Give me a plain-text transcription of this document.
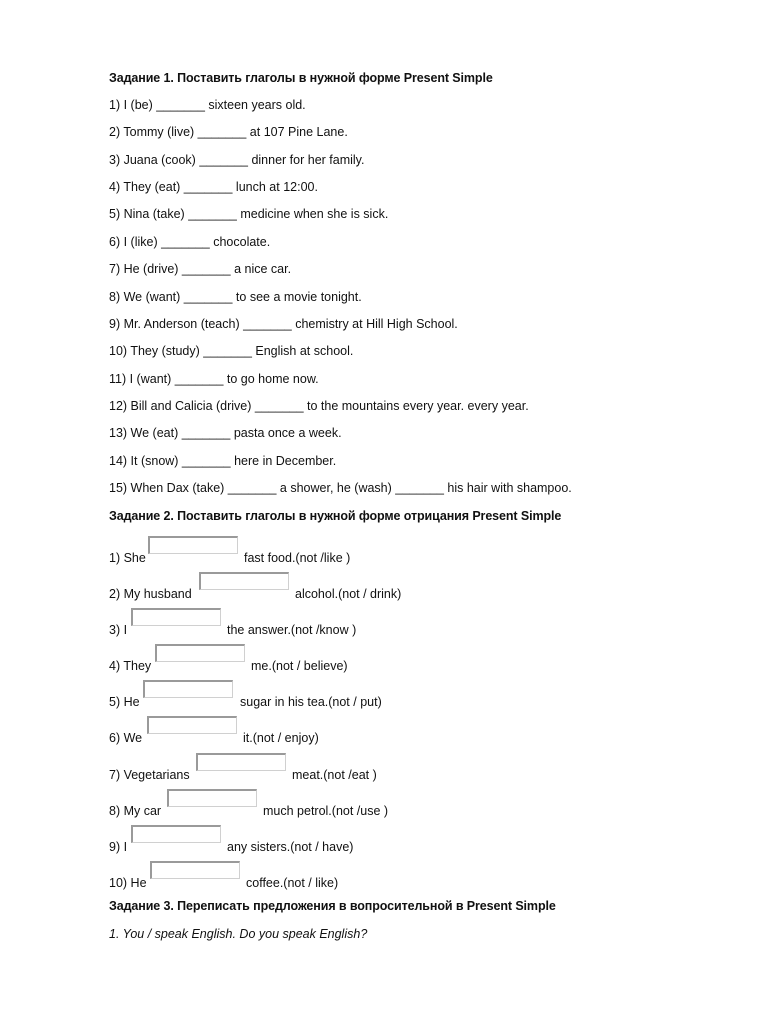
Задание 1. Поставить глаголы в нужной форме Present Simple
1) I (be) _______ sixteen years old.
2) Tommy (live) _______ at 107 Pine Lane.
3) Juana (cook) _______ dinner for her family.
4) They (eat) _______ lunch at 12:00.
5) Nina (take) _______ medicine when she is sick.
6) I (like) _______ chocolate.
7) He (drive) _______ a nice car.
8) We (want) _______ to see a movie tonight.
9) Mr. Anderson (teach) _______ chemistry at Hill High School.
10) They (study) _______ English at school.
11) I (want) _______ to go home now.
12) Bill and Calicia (drive) _______ to the mountains every year. every year.
13) We (eat) _______ pasta once a week.
14) It (snow) _______ here in December.
15) When Dax (take) _______ a shower, he (wash) _______ his hair with shampoo.
Задание 2. Поставить глаголы в нужной форме отрицания Present Simple
1) She	fast food.(not /like )
2) My husband	alcohol.(not / drink)
3) I	the answer.(not /know )
4) They	me.(not / believe)
5) He	sugar in his tea.(not / put)
6) We	it.(not / enjoy)
7) Vegetarians	meat.(not /eat )
8) My car	much petrol.(not /use )
9) I	any sisters.(not / have)
10) He	coffee.(not / like)
Задание 3. Переписать предложения в вопросительной в Present Simple
1. You / speak English. Do you speak English?
